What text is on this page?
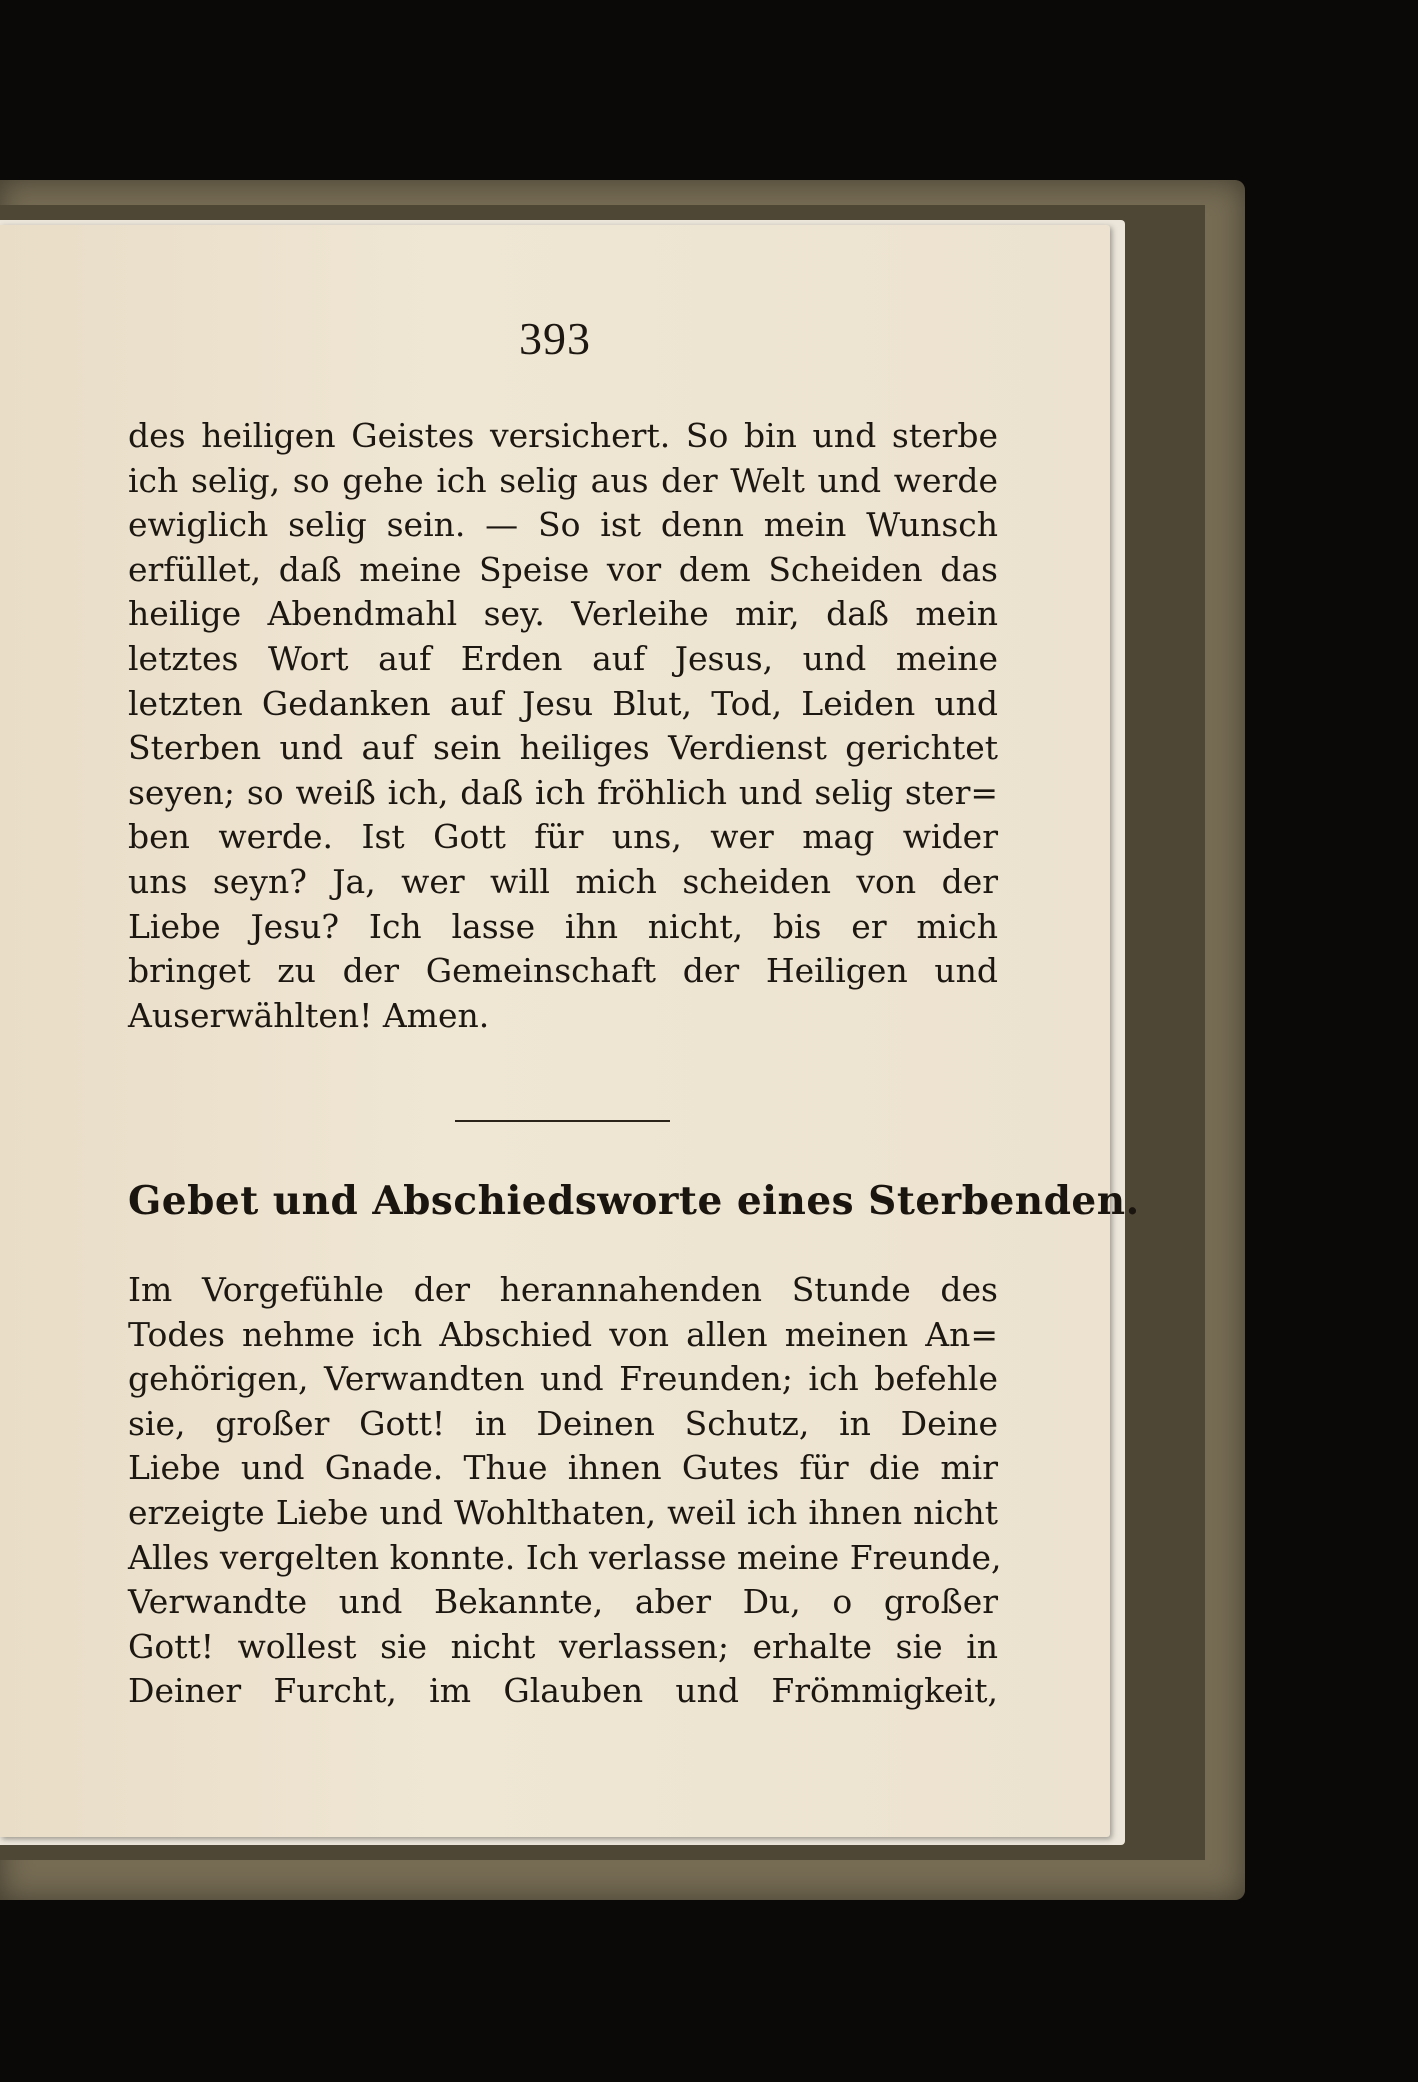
393
des heiligen Geistes versichert. So bin und sterbe
ich selig, so gehe ich selig aus der Welt und werde
ewiglich selig sein. — So ist denn mein Wunsch
erfüllet, daß meine Speise vor dem Scheiden das
heilige Abendmahl sey. Verleihe mir, daß mein
letztes Wort auf Erden auf Jesus, und meine
letzten Gedanken auf Jesu Blut, Tod, Leiden und
Sterben und auf sein heiliges Verdienst gerichtet
seyen; so weiß ich, daß ich fröhlich und selig ster=
ben werde. Ist Gott für uns, wer mag wider
uns seyn? Ja, wer will mich scheiden von der
Liebe Jesu? Ich lasse ihn nicht, bis er mich
bringet zu der Gemeinschaft der Heiligen und
Auserwählten! Amen.
Gebet und Abschiedsworte eines Sterbenden.
Im Vorgefühle der herannahenden Stunde des
Todes nehme ich Abschied von allen meinen An=
gehörigen, Verwandten und Freunden; ich befehle
sie, großer Gott! in Deinen Schutz, in Deine
Liebe und Gnade. Thue ihnen Gutes für die mir
erzeigte Liebe und Wohlthaten, weil ich ihnen nicht
Alles vergelten konnte. Ich verlasse meine Freunde,
Verwandte und Bekannte, aber Du, o großer
Gott! wollest sie nicht verlassen; erhalte sie in
Deiner Furcht, im Glauben und Frömmigkeit,
